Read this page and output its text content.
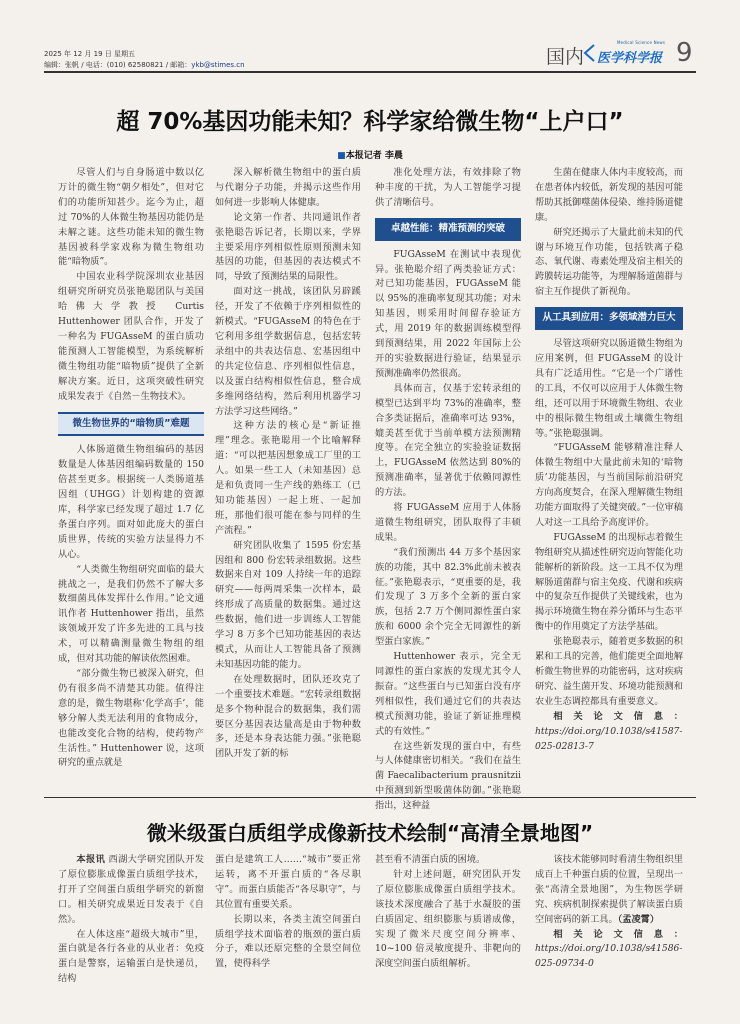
2025 年 12 月 19 日 星期五
编辑：张帆 / 电话：(010) 62580821 / 邮箱：ykb@stimes.cn	国内
Medical Science News
医学科学报 9
超 70%基因功能未知？科学家给微生物“上户口”
■本报记者 李晨

尽管人们与自身肠道中数以亿万计的微生物“朝夕相处”，但对它们的功能所知甚少。迄今为止，超过 70%的人体微生物基因功能仍是未解之谜。这些功能未知的微生物基因被科学家戏称为微生物组功能“暗物质”。

中国农业科学院深圳农业基因组研究所研究员张艳聪团队与美国哈佛大学教授 Curtis Huttenhower 团队合作，开发了一种名为 FUGAsseM 的蛋白质功能预测人工智能模型，为系统解析微生物组功能“暗物质”提供了全新解决方案。近日，这项突破性研究成果发表于《自然－生物技术》。

微生物世界的“暗物质”难题

人体肠道微生物组编码的基因数量是人体基因组编码数量的 150 倍甚至更多。根据统一人类肠道基因组（UHGG）计划构建的资源库，科学家已经发现了超过 1.7 亿条蛋白序列。面对如此庞大的蛋白质世界，传统的实验方法显得力不从心。

“人类微生物组研究面临的最大挑战之一，是我们仍然不了解大多数细菌具体发挥什么作用。”论文通讯作者 Huttenhower 指出，虽然该领域开发了许多先进的工具与技术，可以精确测量微生物组的组成，但对其功能的解读依然困难。

“部分微生物已被深入研究，但仍有很多尚不清楚其功能。值得注意的是，微生物堪称‘化学高手’，能够分解人类无法利用的食物成分，也能改变化合物的结构，使药物产生活性。” Huttenhower 说，这项研究的重点就是

深入解析微生物组中的蛋白质与代谢分子功能，并揭示这些作用如何进一步影响人体健康。

论文第一作者、共同通讯作者张艳聪告诉记者，长期以来，学界主要采用序列相似性原则预测未知基因的功能，但基因的表达模式不同，导致了预测结果的局限性。

面对这一挑战，该团队另辟蹊径，开发了不依赖于序列相似性的新模式。“FUGAsseM 的特色在于它利用多组学数据信息，包括宏转录组中的共表达信息、宏基因组中的共定位信息、序列相似性信息，以及蛋白结构相似性信息，整合成多维网络结构，然后利用机器学习方法学习这些网络。”

这种方法的核心是“新证推理”理念。张艳聪用一个比喻解释道：“可以把基因想象成工厂里的工人。如果一些工人（未知基因）总是和负责同一生产线的熟练工（已知功能基因）一起上班、一起加班，那他们很可能在参与同样的生产流程。”

研究团队收集了 1595 份宏基因组和 800 份宏转录组数据。这些数据来自对 109 人持续一年的追踪研究——每两周采集一次样本，最终形成了高质量的数据集。通过这些数据，他们进一步训练人工智能学习 8 万多个已知功能基因的表达模式，从而让人工智能具备了预测未知基因功能的能力。

在处理数据时，团队还攻克了一个重要技术难题。“宏转录组数据是多个物种混合的数据集，我们需要区分基因表达量高是由于物种数多，还是本身表达能力强。”张艳聪团队开发了新的标

准化处理方法，有效排除了物种丰度的干扰，为人工智能学习提供了清晰信号。

卓越性能：精准预测的突破

FUGAsseM 在测试中表现优异。张艳聪介绍了两类验证方式：对已知功能基因，FUGAsseM 能以 95%的准确率复现其功能；对未知基因，则采用时间留存验证方式，用 2019 年的数据训练模型得到预测结果，用 2022 年国际上公开的实验数据进行验证，结果显示预测准确率仍然很高。

具体而言，仅基于宏转录组的模型已达到平均 73%的准确率，整合多类证据后，准确率可达 93%，媲美甚至优于当前单模方法预测精度等。在完全独立的实验验证数据上，FUGAsseM 依然达到 80%的预测准确率，显著优于依赖同源性的方法。

将 FUGAsseM 应用于人体肠道微生物组研究，团队取得了丰硕成果。

“我们预测出 44 万多个基因家族的功能，其中 82.3%此前未被表征。”张艳聪表示，“更重要的是，我们发现了 3 万多个全新的蛋白家族，包括 2.7 万个侧同源性蛋白家族和 6000 余个完全无同源性的新型蛋白家族。”

Huttenhower 表示，完全无同源性的蛋白家族的发现尤其令人振奋。“这些蛋白与已知蛋白没有序列相似性，我们通过它们的共表达模式预测功能，验证了新证推理模式的有效性。”

在这些新发现的蛋白中，有些与人体健康密切相关。“我们在益生菌 Faecalibacterium prausnitzii 中预测到新型吸菌体防御。”张艳聪指出，这种益

生菌在健康人体内丰度较高，而在患者体内较低，新发现的基因可能帮助其抵御噬菌体侵染、维持肠道健康。

研究还揭示了大量此前未知的代谢与环境互作功能，包括铁离子稳态、氧代谢、毒素处理及宿主相关的跨膜转运功能等，为理解肠道菌群与宿主互作提供了新视角。

从工具到应用：多领域潜力巨大

尽管这项研究以肠道微生物组为应用案例，但 FUGAsseM 的设计具有广泛适用性。“它是一个广谱性的工具，不仅可以应用于人体微生物组，还可以用于环境微生物组、农业中的根际微生物组或土壤微生物组等。”张艳聪强调。

“FUGAsseM 能够精准注释人体微生物组中大量此前未知的‘暗物质’功能基因，与当前国际前沿研究方向高度契合，在深入理解微生物组功能方面取得了关键突破。”一位审稿人对这一工具给予高度评价。

FUGAsseM 的出现标志着微生物组研究从描述性研究迈向智能化功能解析的新阶段。这一工具不仅为理解肠道菌群与宿主免疫、代谢和疾病中的复杂互作提供了关键线索，也为揭示环境微生物在养分循环与生态平衡中的作用奠定了方法学基础。

张艳聪表示，随着更多数据的积累和工具的完善，他们能更全面地解析微生物世界的功能密码，这对疾病研究、益生菌开发、环境功能预测和农业生态调控都具有重要意义。

相关论文信息：https://doi.org/10.1038/s41587-025-02813-7

微米级蛋白质组学成像新技术绘制“高清全景地图”

本报讯 西湖大学研究团队开发了原位膨胀成像蛋白质组学技术，打开了空间蛋白质组学研究的新窗口。相关研究成果近日发表于《自然》。

在人体这座“超级大城市”里，蛋白就是各行各业的从业者：免疫蛋白是警察，运输蛋白是快递员，结构

蛋白是建筑工人……“城市”要正常运转，离不开蛋白质的“各尽职守”。而蛋白质能否“各尽职守”，与其位置有重要关系。

长期以来，各类主流空间蛋白质组学技术面临着的瓶颈的蛋白质分子，难以还原完整的全景空间位置，使得科学

甚至看不清蛋白质的困境。

针对上述问题，研究团队开发了原位膨胀成像蛋白质组学技术。该技术深度融合了基于水凝胶的蛋白质固定、组织膨胀与质谱成像，实现了微米尺度空间分辨率、10~100 倍灵敏度提升、非靶向的深度空间蛋白质组解析。

该技术能够同时看清生物组织里成百上千种蛋白质的位置，呈现出一张“高清全景地图”，为生物医学研究、疾病机制探索提供了解读蛋白质空间密码的新工具。（孟凌霄）

相关论文信息：https://doi.org/10.1038/s41586-025-09734-0
